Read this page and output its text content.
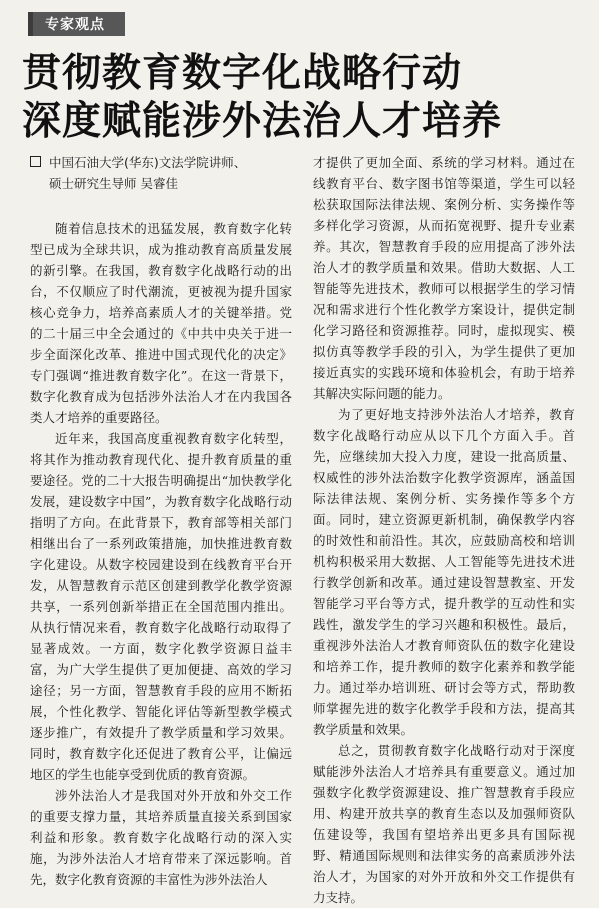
专家观点
贯彻教育数字化战略行动
深度赋能涉外法治人才培养
中国石油大学(华东)文法学院讲师、
硕士研究生导师 吴睿佳

随着信息技术的迅猛发展，教育数字化转型已成为全球共识，成为推动教育高质量发展的新引擎。在我国，教育数字化战略行动的出台，不仅顺应了时代潮流，更被视为提升国家核心竞争力，培养高素质人才的关键举措。党的二十届三中全会通过的《中共中央关于进一步全面深化改革、推进中国式现代化的决定》专门强调“推进教育数字化”。在这一背景下，数字化教育成为包括涉外法治人才在内我国各类人才培养的重要路径。

近年来，我国高度重视教育数字化转型，将其作为推动教育现代化、提升教育质量的重要途径。党的二十大报告明确提出“加快教学化发展，建设数字中国”，为教育数字化战略行动指明了方向。在此背景下，教育部等相关部门相继出台了一系列政策措施，加快推进教育数字化建设。从数字校园建设到在线教育平台开发，从智慧教育示范区创建到教学化教学资源共享，一系列创新举措正在全国范围内推出。从执行情况来看，教育数字化战略行动取得了显著成效。一方面，数字化教学资源日益丰富，为广大学生提供了更加便捷、高效的学习途径；另一方面，智慧教育手段的应用不断拓展，个性化教学、智能化评估等新型教学模式逐步推广，有效提升了教学质量和学习效果。同时，教育数字化还促进了教育公平，让偏远地区的学生也能享受到优质的教育资源。

涉外法治人才是我国对外开放和外交工作的重要支撑力量，其培养质量直接关系到国家利益和形象。教育数字化战略行动的深入实施，为涉外法治人才培育带来了深远影响。首先，数字化教育资源的丰富性为涉外法治人

才提供了更加全面、系统的学习材料。通过在线教育平台、数字图书馆等渠道，学生可以轻松获取国际法律法规、案例分析、实务操作等多样化学习资源，从而拓宽视野、提升专业素养。其次，智慧教育手段的应用提高了涉外法治人才的教学质量和效果。借助大数据、人工智能等先进技术，教师可以根据学生的学习情况和需求进行个性化教学方案设计，提供定制化学习路径和资源推荐。同时，虚拟现实、模拟仿真等教学手段的引入，为学生提供了更加接近真实的实践环境和体验机会，有助于培养其解决实际问题的能力。

为了更好地支持涉外法治人才培养，教育数字化战略行动应从以下几个方面入手。首先，应继续加大投入力度，建设一批高质量、权威性的涉外法治数字化教学资源库，涵盖国际法律法规、案例分析、实务操作等多个方面。同时，建立资源更新机制，确保教学内容的时效性和前沿性。其次，应鼓励高校和培训机构积极采用大数据、人工智能等先进技术进行教学创新和改革。通过建设智慧教室、开发智能学习平台等方式，提升教学的互动性和实践性，激发学生的学习兴趣和积极性。最后，重视涉外法治人才教育师资队伍的数字化建设和培养工作，提升教师的数字化素养和教学能力。通过举办培训班、研讨会等方式，帮助教师掌握先进的数字化教学手段和方法，提高其教学质量和效果。

总之，贯彻教育数字化战略行动对于深度赋能涉外法治人才培养具有重要意义。通过加强数字化教学资源建设、推广智慧教育手段应用、构建开放共享的教育生态以及加强师资队伍建设等，我国有望培养出更多具有国际视野、精通国际规则和法律实务的高素质涉外法治人才，为国家的对外开放和外交工作提供有力支持。
